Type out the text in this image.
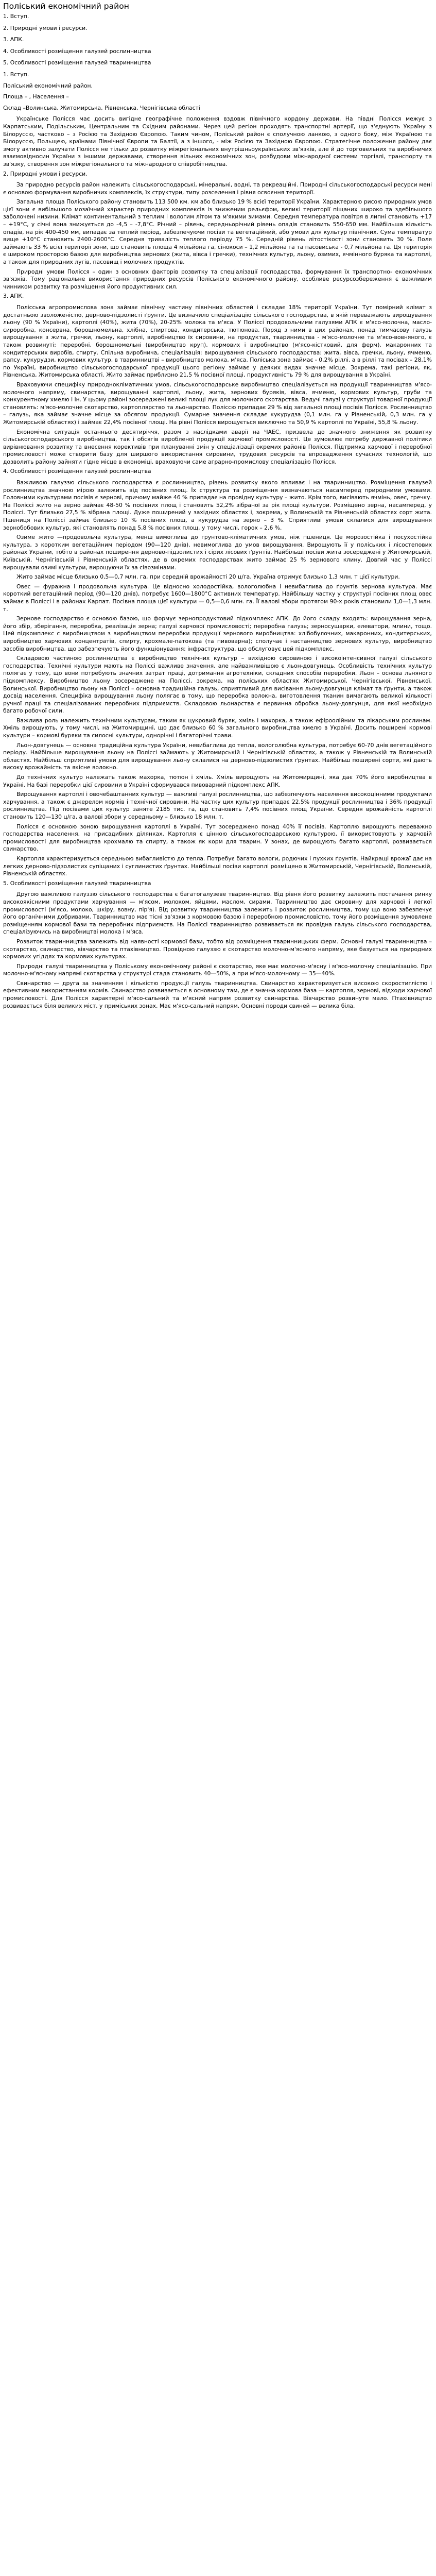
Поліський економічний район
1. Вступ.
2. Природні умови і ресурси.
3. АПК.
4. Особливості розміщення галузей рослинництва
5. Особливості розміщення галузей тваринництва
1. Вступ.
Поліський економічний район.
Площа – , Населення –
Склад –Волинська, Житомирська, Рівненська, Чернігівська області

Українське Полісся має досить вигідне географічне положення вздовж північного кордону держави. На півдні Полісся межує з Карпатським, Подільським, Центральним та Східним районами. Через цей регіон проходять транспортні артерії, що з'єднують Україну з Білоруссю, частково – з Росією та Західною Європою. Таким чином, Поліський район є сполучною ланкою, з одного боку, між Україною та Білоруссю, Польщею, країнами Північної Європи та Балтії, а з іншого, - між Росією та Західною Європою. Стратегічне положення району дає змогу активно залучати Полісся не тільки до розвитку міжрегіональних внутрішньоукраїнських зв'язків, але й до торговельних та виробничих взаємовідносин України з іншими державами, створення вільних економічних зон, розбудови міжнародної системи торгівлі, транспорту та зв'язку, створення зон міжрегіонального та міжнародного співробітництва.

2. Природні умови і ресурси.

За природно ресурсів район належить сільськогосподарські, мінеральні, водні, та рекреаційні. Природні сільськогосподарські ресурси мені є основою формування виробничих комплексів, їх структури, типу розселення і рівня освоєння території.

Загальна площа Поліського району становить 113 500 км. км або близько 19 % всієї території України. Характерною рисою природних умов цієї зони є вибільшого мозаїчний характер природних комплексів із зниженим рельєфом, великі території піщаних широко та здебільшого заболочені низини. Клімат континентальний з теплим і вологим літом та м'якими зимами. Середня температура повітря в липні становить +17 – +19°С, у січні вона знижується до -4,5 – -7,8°С. Річний – рівень, середньорічний рівень опадів становить 550-650 мм. Найбільша кількість опадів, на рік 400-450 мм, випадає за теплий період, забезпечуючи посіви та вегетаційний, або умови для культур північних. Сума температур вище +10°С становить 2400-2600°С. Середня тривалість теплого періоду 75 %. Середній рівень літостікості зони становить 30 %. Поля займають 33 % всієї території зони, що становить площа 4 мільйона га, сінокоси – 1,2 мільйона га та пасовиська - 0,7 мільйона га. Ця територія є широком просторою базою для виробництва зернових (жита, вівса і гречки), технічних культур, льону, озимих, ячмінного буряка та картоплі, а також для природних лугів, пасовищ і молочних продуктів.

Природні умови Полісся – один з основних факторів розвитку та спеціалізації господарства, формування їх транспортно- економічних зв'язків. Тому раціональне використання природних ресурсів Поліського економічного району, особливе ресурсозбереження є важливим чинником розвитку та розміщення його продуктивних сил.

3. АПК.

Полісська агропромислова зона займає північну частину північних областей і складає 18% території України. Тут помірний клімат з достатньою зволоженістю, дерново-підзолисті ґрунти. Це визначило спеціалізацію сільського господарства, в якій переважають вирощування льону (90 % України), картоплі (40%), жита (70%), 20-25% молока та м'яса. У Поліссі продовольчими галузями АПК є м'ясо-молочна, масло-сироробна, консервна, борошномельна, хлібна, спиртова, кондитерська, тютюнова. Поряд з ними в цих районах, понад тимчасову галузь вирощування з жита, гречки, льону, картоплі, виробництво їх сировини, на продуктах, тваринництва - м'ясо-молочне та м'ясо-вовняного, є також розвинуті: переробні, борошномельні (виробництво круп), кормових і виробництво (м'ясо-кістковий, для ферм), макаронних та кондитерських виробів, спирту. Спільна виробнича, спеціалізація: вирощування сільського господарства: жита, вівса, гречки, льону, ячменю, рапсу, кукурудзи, кормових культур, в тваринництві – виробництво молока, м'яса. Поліська зона займає - 0,2% ріллі, а в ріллі та посівах – 28,1% по Україні, виробництво сільськогосподарської продукції цього регіону займає у деяких видах значне місце. Зокрема, такі регіони, як, Рівненська, Житомирська області. Жито займає приблизно 21,5 % посівної площі, продуктивність 79 % для вирощування в Україні.

Враховуючи специфіку природнокліматичних умов, сільськогосподарське виробництво спеціалізується на продукції тваринництва м'ясо-молочного напряму, свинарства, вирощуванні картоплі, льону, жита, зернових буряків, вівса, ячменю, кормових культур, груби та конкурентному хмелю і ін. У цьому районі зосереджені великі площі лук для молочного скотарства. Ведучі галузі у структурі товарної продукції становлять: м'ясо-молочне скотарство, картоплярство та льонарство. Поліссю припадає 29 % від загальної площі посівів Полісся. Рослинництво – галузь, яка займає значне місце за обсягом продукції. Сумарне значення складає кукурудза (0,1 млн. га у Рівненській, 0,3 млн. га у Житомирській областях) і займає 22,4% посівної площі. На рівні Полісся вирощується виключно та 50,9 % картоплі по Україні, 55,8 % льону.

Економічна ситуація останнього десятиріччя, разом з наслідками аварії на ЧАЕС, призвела до значного зниження як розвитку сільськогосподарського виробництва, так і обсягів виробленої продукції харчової промисловості. Це зумовлює потребу державної політики вирівнювання розвитку та внесення корективів при плануванні змін у спеціалізації окремих районів Полісся. Підтримка харчової і переробної промисловості може створити базу для ширшого використання сировини, трудових ресурсів та впровадження сучасних технологій, що дозволить району зайняти гідне місце в економіці, враховуючи саме аграрно-промислову спеціалізацію Полісся.

4. Особливості розміщення галузей рослинництва

Важливою галуззю сільського господарства є рослинництво, рівень розвитку якого впливає і на тваринництво. Розміщення галузей рослинництва значною мірою залежить від посівних площ. Їх структура та розміщення визначаються насамперед природними умовами. Головними культурами посівів є зернові, причому майже 46 % припадає на провідну культуру – жито. Крім того, висівають ячмінь, овес, гречку. На Поліссі жито на зерно займає 48-50 % посівних площ і становить 52,2% зібраної за рік площі культури. Розміщено зерна, насамперед, у Поліссі. Тут близько 27,5 % зібрана площі. Дуже поширений у західних областях і, зокрема, у Волинській та Рівненській областях сорт жита. Пшениця на Поліссі займає близько 10 % посівних площ, а кукурудза на зерно – 3 %. Сприятливі умови склалися для вирощування зернобобових культур, які становлять понад 5,8 % посівних площ, у тому числі, горох – 2,6 %.

Озиме жито —продовольча культура, менш вимоглива до грунтово-кліматичних умов, ніж пшениця. Це морозостійка і посухостійка культура, з коротким вегетаційним періодом (90—120 днів), невимоглива до умов вирощування. Вирощують її у поліських і лісостепових районах України, тобто в районах поширення дерново-підзолистих і сірих лісових ґрунтів. Найбільші посіви жита зосереджені у Житомирській, Київській, Чернігівській і Рівненській областях, де в окремих господарствах жито займає 25 % зернового клину. Довгий час у Поліссі вирощували озимі культури, вирощуючи їх за сівозмінами.

Жито займає місце близько 0,5—0,7 млн. га, при середній врожайності 20 ц/га. Україна отримує близько 1,3 млн. т цієї культури.

Овес — фуражна і продовольча культура. Це відносно холодостійка, вологолюбна і невибаглива до ґрунтів зернова культура. Має короткий вегетаційний період (90—120 днів), потребує 1600—1800°С активних температур. Найбільшу частку у структурі посівних площ овес займає в Поліссі і в районах Карпат. Посівна площа цієї культури — 0,5—0,6 млн. га. Її валові збори протягом 90-х років становили 1,0—1,3 млн. т.

Зернове господарство є основою базою, що формує зернопродуктовий підкомплекс АПК. До його складу входять: вирощування зерна, його збір, зберігання, переробка, реалізація зерна; галузі харчової промисловості; переробна галузь; зерносушарки, елеватори, млини, тощо. Цей підкомплекс с виробництвом з виробництвом переробки продукції зернового виробництва: хлібобулочних, макаронних, кондитерських, виробництво харчових концентратів, спирту, крохмале-патокова (та пивоварна); сполучає і настанництво зернових культур, виробництво засобів виробництва, що забезпечують його функціонування; інфраструктура, що обслуговує цей підкомплекс.

Складовою частиною рослинництва є виробництво технічних культур – вихідною сировиною і високоінтенсивної галузі сільського господарства. Технічні культури мають на Поліссі важливе значення, але найважливішою є льон-довгунець. Особливість технічних культур полягає у тому, що вони потребують значних затрат праці, дотримання агротехніки, складних способів переробки. Льон – основа льняного підкомплексу. Виробництво льону зосереджене на Поліссі, зокрема, на поліських областях Житомирської, Чернігівської, Рівненської, Волинської. Виробництво льону на Поліссі – основна традиційна галузь, сприятливий для висівання льону-довгунця клімат та ґрунти, а також досвід населення. Специфіка вирощування льону полягає в тому, що переробка волокна, виготовлення тканин вимагають великої кількості ручної праці та спеціалізованих переробних підприємств. Складовою льонарства є первинна обробка льону-довгунця, для якої необхідно багато робочої сили.

Важлива роль належить технічним культурам, таким як цукровий буряк, хміль і махорка, а також ефіроолійним та лікарським рослинам. Хміль вирощують, у тому числі, на Житомирщині, що дає близько 60 % загального виробництва хмелю в Україні. Досить поширені кормові культури – кормові буряки та силосні культури, однорічні і багаторічні трави.

Льон-довгунець — основна традиційна культура України, невибаглива до тепла, вологолюбна культура, потребує 60-70 днів вегетаційного періоду. Найбільше вирощування льону на Поліссі займають у Житомирській і Чернігівській областях, а також у Рівненській та Волинській областях. Найбільш сприятливі умови для вирощування льону склалися на дерново-підзолистих ґрунтах. Найбільш поширені сорти, які дають високу врожайність та якісне волокно.

До технічних культур належать також махорка, тютюн і хміль. Хміль вирощують на Житомирщині, яка дає 70% його виробництва в Україні. На базі переробки цієї сировини в Україні сформувався пивоварний підкомплекс АПК.

Вирощування картоплі і овочебаштанних культур — важливі галузі рослинництва, що забезпечують населення високоцінними продуктами харчування, а також є джерелом кормів і технічної сировини. На частку цих культур припадає 22,5% продукції рослинництва і 36% продукції рослинництва. Під посівами цих культур заняте 2185 тис. га, що становить 7,4% посівних площ України. Середня врожайність картоплі становить 120—130 ц/га, а валові збори у середньому – близько 18 млн. т.

Полісся є основною зоною вирощування картоплі в Україні. Тут зосереджено понад 40% її посівів. Картоплю вирощують переважно господарства населення, на присадибних ділянках. Картопля є цінною сільськогосподарською культурою, її використовують у харчовій промисловості для виробництва крохмалю та спирту, а також як корм для тварин. У зонах, де вирощують багато картоплі, розвивається свинарство.

Картопля характеризується середньою вибагливістю до тепла. Потребує багато вологи, родючих і пухких ґрунтів. Найкращі врожаї дає на легких дерново-підзолистих супіщаних і суглинистих ґрунтах. Найбільші посіви картоплі розміщено в Житомирській, Чернігівській, Волинській, Рівненській областях.

5. Особливості розміщення галузей тваринництва

Другою важливою галуззю сільського господарства є багатогалузеве тваринництво. Від рівня його розвитку залежить постачання ринку високоякісними продуктами харчування — м'ясом, молоком, яйцями, маслом, сирами. Тваринництво дає сировину для харчової і легкої промисловості (м'ясо, молоко, шкіру, вовну, пір'я). Від розвитку тваринництва залежить і розвиток рослинництва, тому що воно забезпечує його органічними добривами. Тваринництво має тісні зв'язки з кормовою базою і переробною промисловістю, тому його розміщення зумовлене розміщенням кормової бази та переробних підприємств. На Поліссі тваринництво розвивається як провідна галузь сільського господарства, спеціалізуючись на виробництві молока і м'яса.

Розвиток тваринництва залежить від наявності кормової бази, тобто від розміщення тваринницьких ферм. Основні галузі тваринництва – скотарство, свинарство, вівчарство та птахівництво. Провідною галуззю є скотарство молочно-м'ясного напряму, яке базується на природних кормових угіддях та кормових культурах.

Природні галузі тваринництва у Поліському економічному районі є скотарство, яке має молочно-м'ясну і м'ясо-молочну спеціалізацію. При молочно-м'ясному напрямі скотарства у структурі стада становить 40—50%, а при м'ясо-молочному — 35—40%.

Свинарство — друга за значенням і кількістю продукції галузь тваринництва. Свинарство характеризується високою скоростиглістю і ефективним використанням кормів. Свинарство розвивається в основному там, де є значна кормова база — картопля, зернові, відходи харчової промисловості. Для Полісся характерні м'ясо-сальний та м'ясний напрям розвитку свинарства. Вівчарство розвинуте мало. Птахівництво розвивається біля великих міст, у приміських зонах. Має м'ясо-сальний напрям, Основні породи свиней — велика біла.
